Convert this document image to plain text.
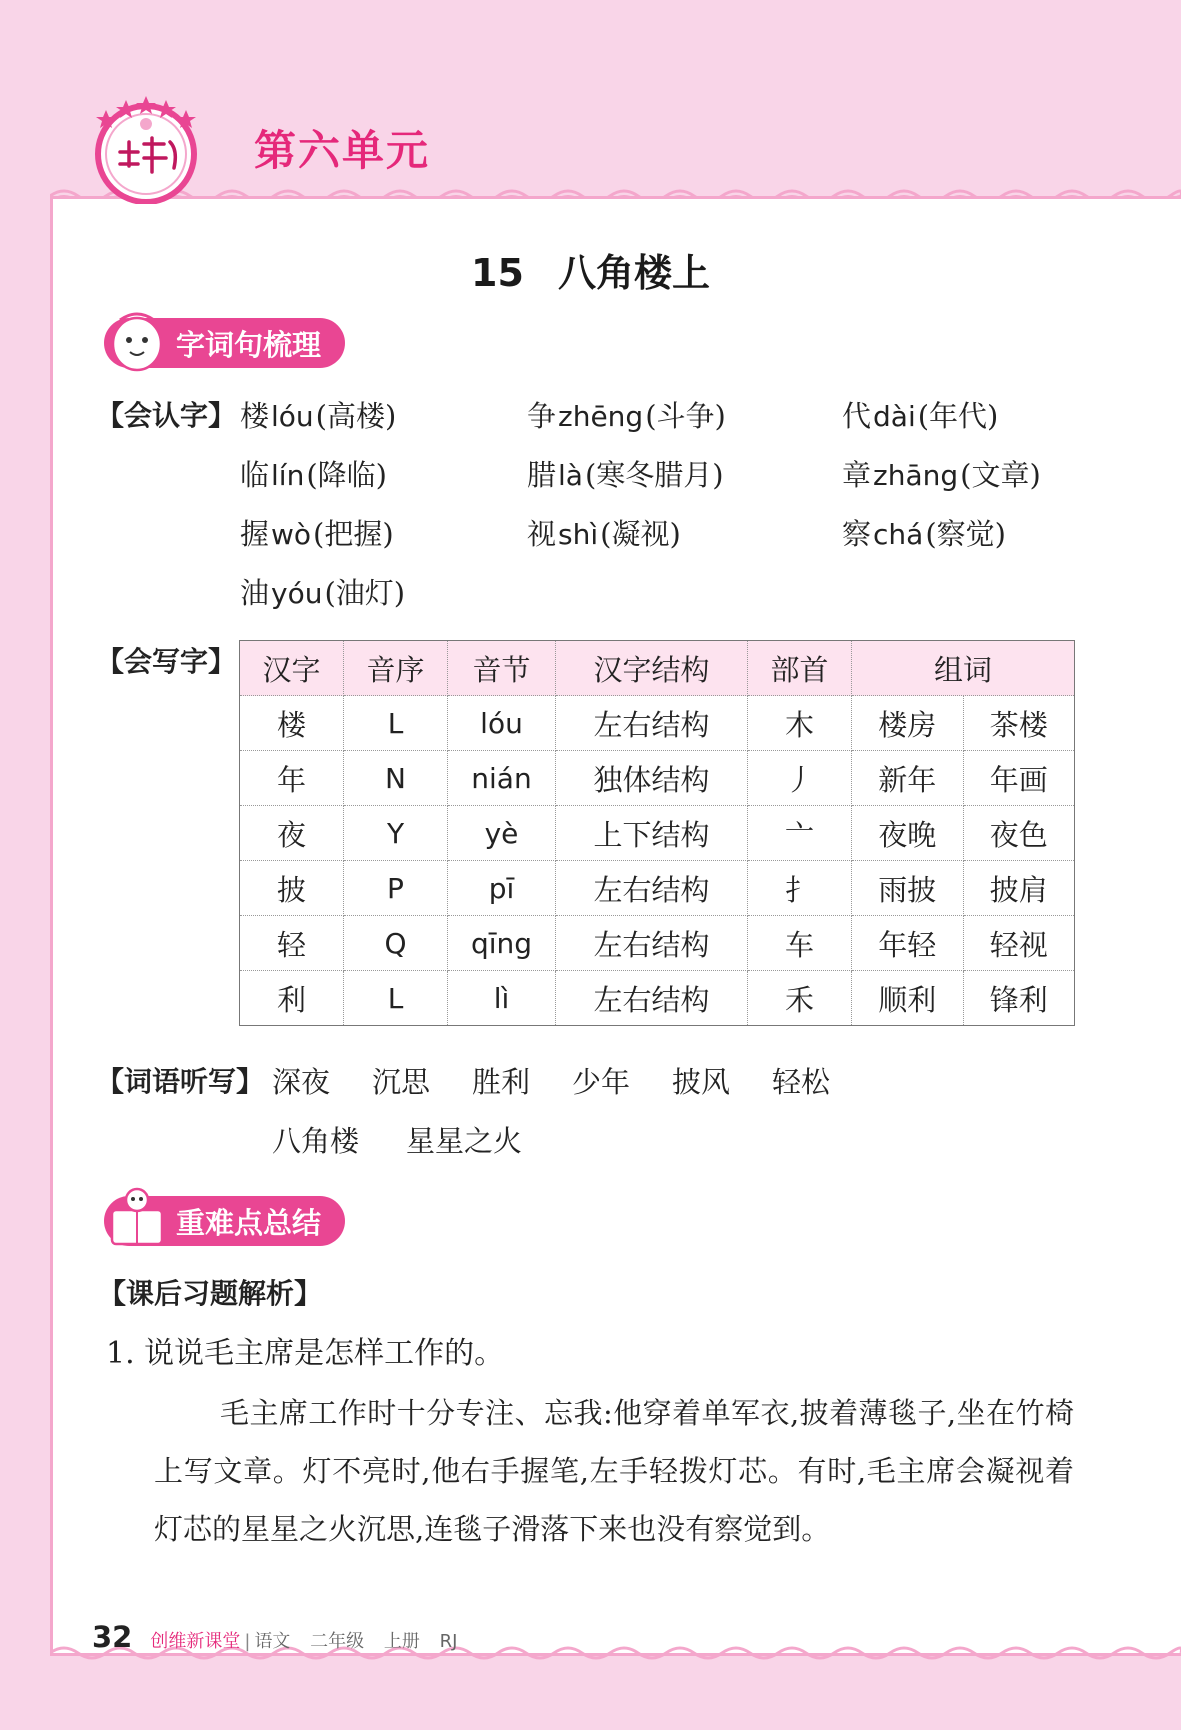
第六单元
15 八角楼上
字词句梳理
【会认字】 楼lóu(高楼)	争zhēng(斗争)	代dài(年代)
临lín(降临)	腊là(寒冬腊月)	章zhāng(文章)
握wò(把握)	视shì(凝视)	察chá(察觉)
油yóu(油灯)
【会写字】 汉字	音序	音节	汉字结构	部首	组词	
楼	L	lóu	左右结构	木	楼房	茶楼
年	N	nián	独体结构	丿	新年	年画
夜	Y	yè	上下结构	亠	夜晚	夜色
披	P	pī	左右结构	扌	雨披	披肩
轻	Q	qīng	左右结构	车	年轻	轻视
利	L	lì	左右结构	禾	顺利	锋利
【词语听写】 深夜 沉思 胜利 少年 披风 轻松
八角楼 星星之火
重难点总结
【课后习题解析】
1. 说说毛主席是怎样工作的。
毛主席工作时十分专注、忘我:他穿着单军衣,披着薄毯子,坐在竹椅上写文章。灯不亮时,他右手握笔,左手轻拨灯芯。有时,毛主席会凝视着灯芯的星星之火沉思,连毯子滑落下来也没有察觉到。
32 创维新课堂 | 语文 二年级 上册 RJ
